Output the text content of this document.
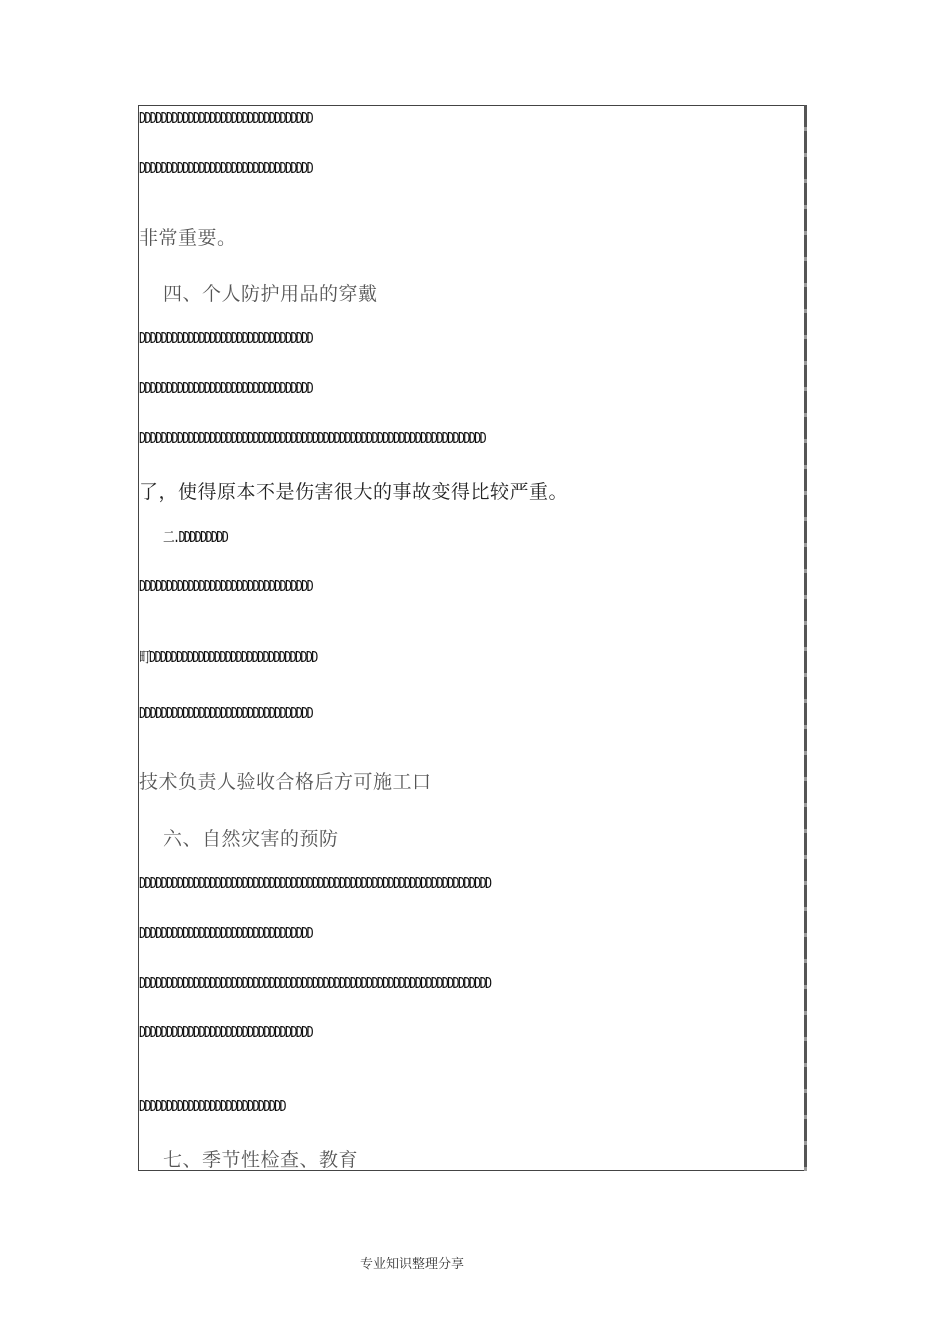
DDDDDDDDDDDDDDDDDDDDDDDDDDDDDDDD
DDDDDDDDDDDDDDDDDDDDDDDDDDDDDDDD
非常重要。
四、个人防护用品的穿戴
DDDDDDDDDDDDDDDDDDDDDDDDDDDDDDDD
DDDDDDDDDDDDDDDDDDDDDDDDDDDDDDDD
DDDDDDDDDDDDDDDDDDDDDDDDDDDDDDDDDDDDDDDDDDDDDDDDDDDDDDDDDDDDDDDD
了，使得原本不是伤害很大的事故变得比较严重。
二.DDDDDDDDD
DDDDDDDDDDDDDDDDDDDDDDDDDDDDDDDD
町DDDDDDDDDDDDDDDDDDDDDDDDDDDDDDD
DDDDDDDDDDDDDDDDDDDDDDDDDDDDDDDD
技术负责人验收合格后方可施工口
六、自然灾害的预防
DDDDDDDDDDDDDDDDDDDDDDDDDDDDDDDDDDDDDDDDDDDDDDDDDDDDDDDDDDDDDDDDD
DDDDDDDDDDDDDDDDDDDDDDDDDDDDDDDD
DDDDDDDDDDDDDDDDDDDDDDDDDDDDDDDDDDDDDDDDDDDDDDDDDDDDDDDDDDDDDDDDD
DDDDDDDDDDDDDDDDDDDDDDDDDDDDDDDD
DDDDDDDDDDDDDDDDDDDDDDDDDDD
七、季节性检查、教育
专业知识整理分享
